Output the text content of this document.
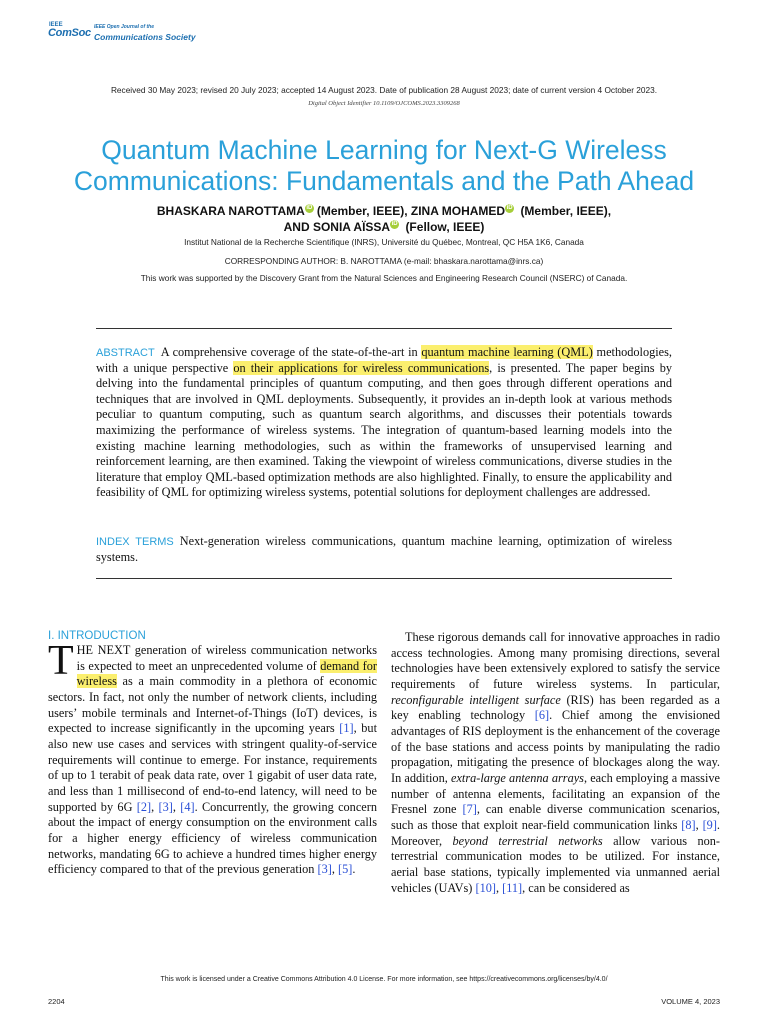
IEEE
ComSoc IEEE Open Journal of the
Communications Society
Received 30 May 2023; revised 20 July 2023; accepted 14 August 2023. Date of publication 28 August 2023; date of current version 4 October 2023.
Digital Object Identifier 10.1109/OJCOMS.2023.3309268
Quantum Machine Learning for Next-G Wireless
Communications: Fundamentals and the Path Ahead
BHASKARA NAROTTAMA iD (Member, IEEE), ZINA MOHAMED iD (Member, IEEE),
AND SONIA AÏSSA iD (Fellow, IEEE)
Institut National de la Recherche Scientifique (INRS), Université du Québec, Montreal, QC H5A 1K6, Canada
CORRESPONDING AUTHOR: B. NAROTTAMA (e-mail: bhaskara.narottama@inrs.ca)
This work was supported by the Discovery Grant from the Natural Sciences and Engineering Research Council (NSERC) of Canada.
ABSTRACT A comprehensive coverage of the state-of-the-art in quantum machine learning (QML) methodologies, with a unique perspective on their applications for wireless communications, is presented. The paper begins by delving into the fundamental principles of quantum computing, and then goes through different operations and techniques that are involved in QML deployments. Subsequently, it provides an in-depth look at various methods peculiar to quantum computing, such as quantum search algorithms, and discusses their potentials towards maximizing the performance of wireless systems. The integration of quantum-based learning models into the existing machine learning methodologies, such as within the frameworks of unsupervised learning and reinforcement learning, are then examined. Taking the viewpoint of wireless communications, diverse studies in the literature that employ QML-based optimization methods are also highlighted. Finally, to ensure the applicability and feasibility of QML for optimizing wireless systems, potential solutions for deployment challenges are addressed.
INDEX TERMS Next-generation wireless communications, quantum machine learning, optimization of wireless systems.
I. INTRODUCTION

THE NEXT generation of wireless communication networks is expected to meet an unprecedented volume of demand for wireless as a main commodity in a plethora of economic sectors. In fact, not only the number of network clients, including users’ mobile terminals and Internet-of-Things (IoT) devices, is expected to increase significantly in the upcoming years [1], but also new use cases and services with stringent quality-of-service requirements will continue to emerge. For instance, requirements of up to 1 terabit of peak data rate, over 1 gigabit of user data rate, and less than 1 millisecond of end-to-end latency, will need to be supported by 6G [2], [3], [4]. Concurrently, the growing concern about the impact of energy consumption on the environment calls for a higher energy efficiency of wireless communication networks, mandating 6G to achieve a hundred times higher energy efficiency compared to that of the previous generation [3], [5].

These rigorous demands call for innovative approaches in radio access technologies. Among many promising directions, several technologies have been extensively explored to satisfy the service requirements of future wireless systems. In particular, reconfigurable intelligent surface (RIS) has been regarded as a key enabling technology [6]. Chief among the envisioned advantages of RIS deployment is the enhancement of the coverage of the base stations and access points by manipulating the radio propagation, mitigating the presence of blockages along the way. In addition, extra-large antenna arrays, each employing a massive number of antenna elements, facilitating an expansion of the Fresnel zone [7], can enable diverse communication scenarios, such as those that exploit near-field communication links [8], [9]. Moreover, beyond terrestrial networks allow various non-terrestrial communication modes to be utilized. For instance, aerial base stations, typically implemented via unmanned aerial vehicles (UAVs) [10], [11], can be considered as

This work is licensed under a Creative Commons Attribution 4.0 License. For more information, see https://creativecommons.org/licenses/by/4.0/
2204	VOLUME 4, 2023
